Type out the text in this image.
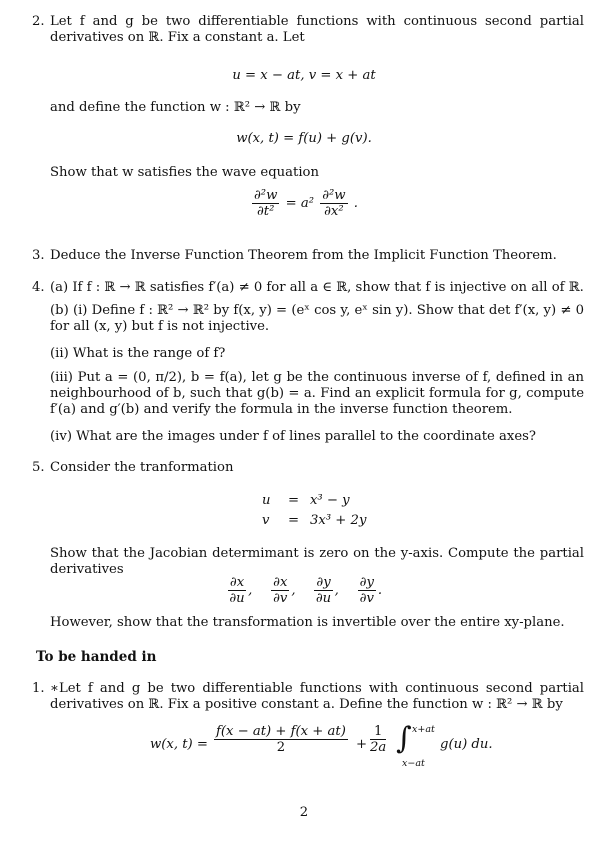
2. Let f and g be two differentiable functions with continuous second partial derivatives on ℝ. Fix a constant a. Let
u = x − at, v = x + at
and define the function w : ℝ² → ℝ by
w(x, t) = f(u) + g(v).
Show that w satisfies the wave equation
$\frac{\text{∂²w}}{\text{∂t²}} = a^2 \frac{\text{∂²w}}{\text{∂x²}}$ .
3. Deduce the Inverse Function Theorem from the Implicit Function Theorem.
4. (a) If f : ℝ → ℝ satisfies f′(a) ≠ 0 for all a ∈ ℝ, show that f is injective on all of ℝ.
(b) (i) Define f : ℝ² → ℝ² by f(x, y) = (eˣ cos y, eˣ sin y). Show that det f′(x, y) ≠ 0 for all (x, y) but f is not injective.
(ii) What is the range of f?
(iii) Put a = (0, π/2), b = f(a), let g be the continuous inverse of f, defined in an neighbourhood of b, such that g(b) = a. Find an explicit formula for g, compute f′(a) and g′(b) and verify the formula in the inverse function theorem.
(iv) What are the images under f of lines parallel to the coordinate axes?
5. Consider the tranformation
u = x³ − y
v = 3x³ + 2y
Show that the Jacobian determimant is zero on the y-axis. Compute the partial derivatives
$\frac{\partial x}{\partial u}$ , $\frac{\partial x}{\partial v}$ , $\frac{\partial y}{\partial u}$ , $\frac{\partial y}{\partial v}$ .
However, show that the transformation is invertible over the entire xy-plane.
To be handed in
1. ∗Let f and g be two differentiable functions with continuous second partial derivatives on ℝ. Fix a positive constant a. Define the function w : ℝ² → ℝ by
w(x, $t) = \frac{f(x - at) + f(x + at)}{2} + \frac{1}{2a}$ ∫ x+at
x−at
g(u) du.
2
